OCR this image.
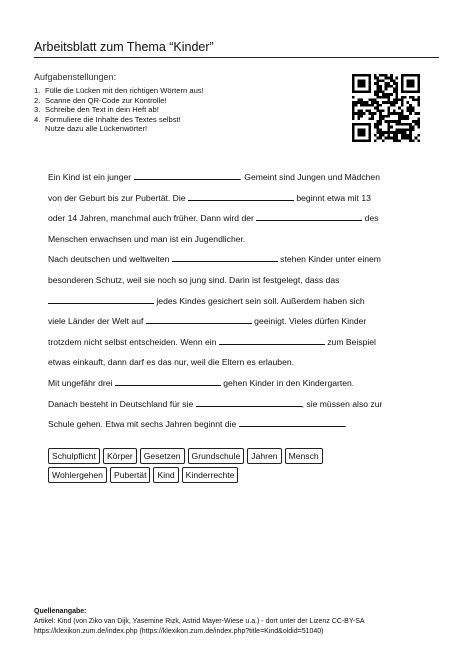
Arbeitsblatt zum Thema “Kinder”
Aufgabenstellungen:
1. Fülle die Lücken mit den richtigen Wörtern aus!
2. Scanne den QR-Code zur Kontrolle!
3. Schreibe den Text in dein Heft ab!
4. Formuliere die Inhalte des Textes selbst!
Nutze dazu alle Lückenwörter!
Ein Kind ist ein junger	. Gemeint sind Jungen und Mädchen
von der Geburt bis zur Pubertät. Die	beginnt etwa mit 13
oder 14 Jahren, manchmal auch früher. Dann wird der	des
Menschen erwachsen und man ist ein Jugendlicher.
Nach deutschen und weltweiten	stehen Kinder unter einem
besonderen Schutz, weil sie noch so jung sind. Darin ist festgelegt, dass das
jedes Kindes gesichert sein soll. Außerdem haben sich
viele Länder der Welt auf	geeinigt. Vieles dürfen Kinder
trotzdem nicht selbst entscheiden. Wenn ein	zum Beispiel
etwas einkauft, dann darf es das nur, weil die Eltern es erlauben.
Mit ungefähr drei	gehen Kinder in den Kindergarten.
Danach besteht in Deutschland für sie	, sie müssen also zur
Schule gehen. Etwa mit sechs Jahren beginnt die	.
Schulpflicht	Körper	Gesetzen	Grundschule	Jahren	Mensch
Wohlergehen	Pubertät	Kind	Kinderrechte
Quellenangabe:
Artikel: Kind (von Ziko van Dijk, Yasemine Rizk, Astrid Mayer-Wiese u.a.) - dort unter der Lizenz CC-BY-SA
https://klexikon.zum.de/index.php (https://klexikon.zum.de/index.php?title=Kind&oldid=51040)
